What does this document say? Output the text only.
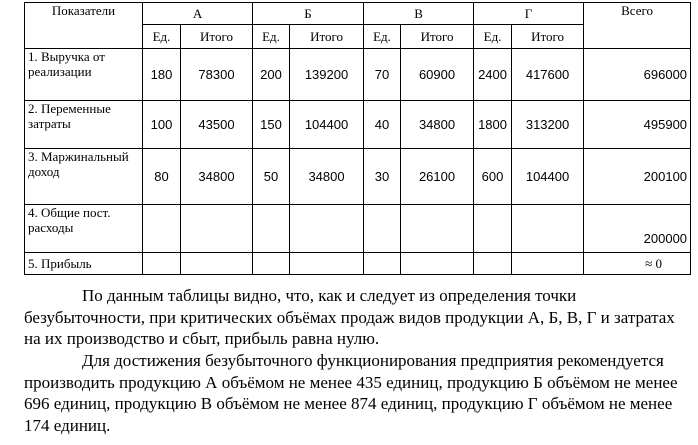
Показатели	А		Б		В		Г		Всего
	Ед.	Итого	Ед.	Итого	Ед.	Итого	Ед.	Итого	
1. Выручка от реализации	180	78300	200	139200	70	60900	2400	417600	696000
2. Переменные затраты	100	43500	150	104400	40	34800	1800	313200	495900
3. Маржинальный доход	80	34800	50	34800	30	26100	600	104400	200100
4. Общие пост. расходы									200000
5. Прибыль									≈ 0

По данным таблицы видно, что, как и следует из определения точки безубыточности, при критических объёмах продаж видов продукции А, Б, В, Г и затратах на их производство и сбыт, прибыль равна нулю.

Для достижения безубыточного функционирования предприятия рекомендуется производить продукцию А объёмом не менее 435 единиц, продукцию Б объёмом не менее 696 единиц, продукцию В объёмом не менее 874 единиц, продукцию Г объёмом не менее 174 единиц.
